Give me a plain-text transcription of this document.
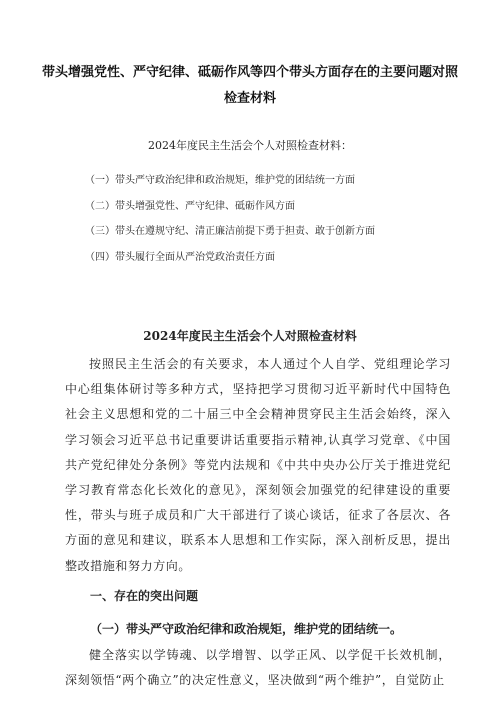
带头增强党性、严守纪律、砥砺作风等四个带头方面存在的主要问题对照检查材料

2024年度民主生活会个人对照检查材料：

（一）带头严守政治纪律和政治规矩，维护党的团结统一方面
（二）带头增强党性、严守纪律、砥砺作风方面
（三）带头在遵规守纪、清正廉洁前提下勇于担责、敢于创新方面
（四）带头履行全面从严治党政治责任方面
2024年度民主生活会个人对照检查材料

按照民主生活会的有关要求，本人通过个人自学、党组理论学习中心组集体研讨等多种方式，坚持把学习贯彻习近平新时代中国特色社会主义思想和党的二十届三中全会精神贯穿民主生活会始终，深入学习领会习近平总书记重要讲话重要指示精神,认真学习党章、《中国共产党纪律处分条例》等党内法规和《中共中央办公厅关于推进党纪学习教育常态化长效化的意见》，深刻领会加强党的纪律建设的重要性，带头与班子成员和广大干部进行了谈心谈话，征求了各层次、各方面的意见和建议，联系本人思想和工作实际，深入剖析反思，提出整改措施和努力方向。

一、存在的突出问题
（一）带头严守政治纪律和政治规矩，维护党的团结统一。

健全落实以学铸魂、以学增智、以学正风、以学促干长效机制，深刻领悟“两个确立”的决定性意义，坚决做到“两个维护”，自觉防止
